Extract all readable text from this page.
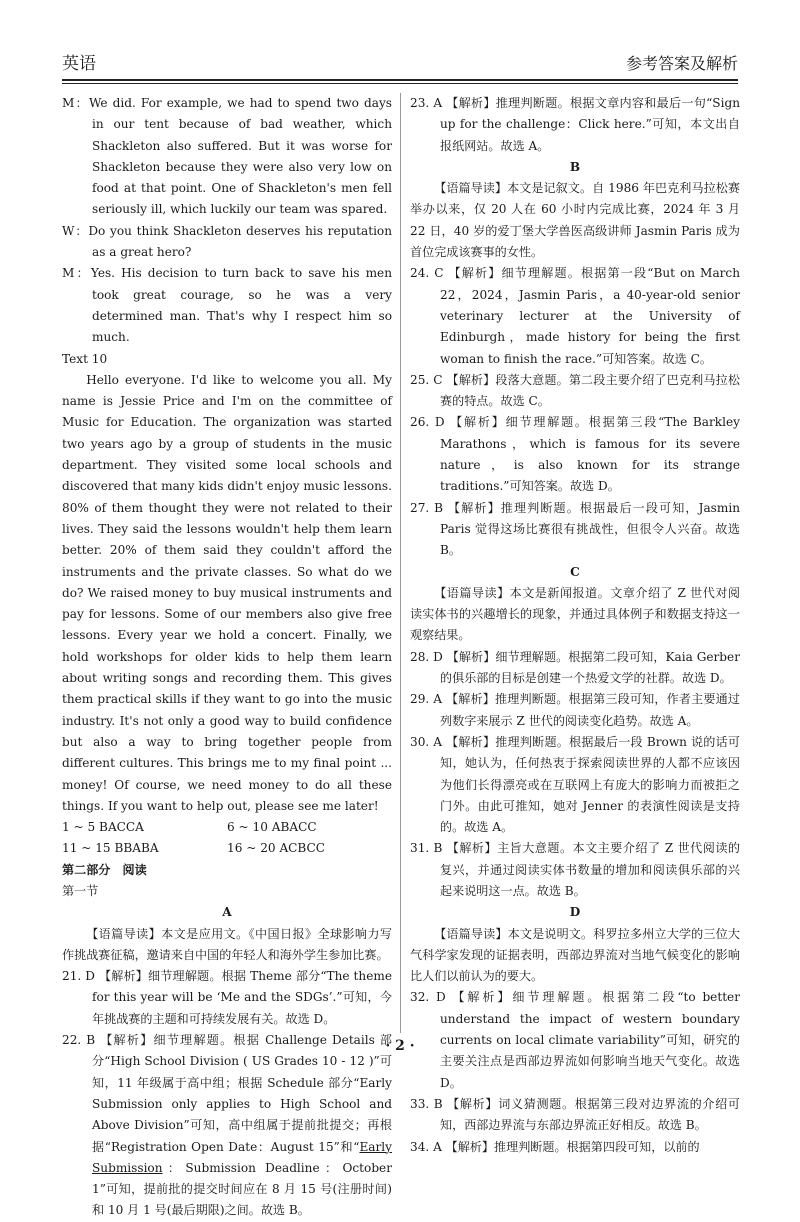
英语	参考答案及解析

M：We did. For example, we had to spend two days in our tent because of bad weather, which Shackleton also suffered. But it was worse for Shackleton because they were also very low on food at that point. One of Shackleton's men fell seriously ill, which luckily our team was spared.

W：Do you think Shackleton deserves his reputation as a great hero?

M：Yes. His decision to turn back to save his men took great courage, so he was a very determined man. That's why I respect him so much.

Text 10

Hello everyone. I'd like to welcome you all. My name is Jessie Price and I'm on the committee of Music for Education. The organization was started two years ago by a group of students in the music department. They visited some local schools and discovered that many kids didn't enjoy music lessons. 80% of them thought they were not related to their lives. They said the lessons wouldn't help them learn better. 20% of them said they couldn't afford the instruments and the private classes. So what do we do? We raised money to buy musical instruments and pay for lessons. Some of our members also give free lessons. Every year we hold a concert. Finally, we hold workshops for older kids to help them learn about writing songs and recording them. This gives them practical skills if they want to go into the music industry. It's not only a good way to build confidence but also a way to bring together people from different cultures. This brings me to my final point ... money! Of course, we need money to do all these things. If you want to help out, please see me later!

1 ~ 5 BACCA	6 ~ 10 ABACC
11 ~ 15 BBABA	16 ~ 20 ACBCC

第二部分　阅读

第一节

A

【语篇导读】本文是应用文。《中国日报》全球影响力写作挑战赛征稿，邀请来自中国的年轻人和海外学生参加比赛。

21. D 【解析】细节理解题。根据 Theme 部分“The theme for this year will be ‘Me and the SDGs’.”可知，今年挑战赛的主题和可持续发展有关。故选 D。

22. B 【解析】细节理解题。根据 Challenge Details 部分“High School Division ( US Grades 10 - 12 )”可知，11 年级属于高中组；根据 Schedule 部分“Early Submission only applies to High School and Above Division”可知，高中组属于提前批提交；再根据“Registration Open Date：August 15”和“Early Submission：Submission Deadline：October 1”可知，提前批的提交时间应在 8 月 15 号(注册时间) 和 10 月 1 号(最后期限)之间。故选 B。

23. A 【解析】推理判断题。根据文章内容和最后一句“Sign up for the challenge：Click here.”可知，本文出自报纸网站。故选 A。

B

【语篇导读】本文是记叙文。自 1986 年巴克利马拉松赛举办以来，仅 20 人在 60 小时内完成比赛，2024 年 3 月 22 日，40 岁的爱丁堡大学兽医高级讲师 Jasmin Paris 成为首位完成该赛事的女性。

24. C 【解析】细节理解题。根据第一段“But on March 22，2024，Jasmin Paris，a 40-year-old senior veterinary lecturer at the University of Edinburgh，made history for being the first woman to finish the race.”可知答案。故选 C。

25. C 【解析】段落大意题。第二段主要介绍了巴克利马拉松赛的特点。故选 C。

26. D 【解析】细节理解题。根据第三段“The Barkley Marathons，which is famous for its severe nature，is also known for its strange traditions.”可知答案。故选 D。

27. B 【解析】推理判断题。根据最后一段可知，Jasmin Paris 觉得这场比赛很有挑战性，但很令人兴奋。故选 B。

C

【语篇导读】本文是新闻报道。文章介绍了 Z 世代对阅读实体书的兴趣增长的现象，并通过具体例子和数据支持这一观察结果。

28. D 【解析】细节理解题。根据第二段可知，Kaia Gerber 的俱乐部的目标是创建一个热爱文学的社群。故选 D。

29. A 【解析】推理判断题。根据第三段可知，作者主要通过列数字来展示 Z 世代的阅读变化趋势。故选 A。

30. A 【解析】推理判断题。根据最后一段 Brown 说的话可知，她认为，任何热衷于探索阅读世界的人都不应该因为他们长得漂亮或在互联网上有庞大的影响力而被拒之门外。由此可推知，她对 Jenner 的表演性阅读是支持的。故选 A。

31. B 【解析】主旨大意题。本文主要介绍了 Z 世代阅读的复兴，并通过阅读实体书数量的增加和阅读俱乐部的兴起来说明这一点。故选 B。

D

【语篇导读】本文是说明文。科罗拉多州立大学的三位大气科学家发现的证据表明，西部边界流对当地气候变化的影响比人们以前认为的要大。

32. D 【解析】细节理解题。根据第二段“to better understand the impact of western boundary currents on local climate variability”可知，研究的主要关注点是西部边界流如何影响当地天气变化。故选 D。

33. B 【解析】词义猜测题。根据第三段对边界流的介绍可知，西部边界流与东部边界流正好相反。故选 B。

34. A 【解析】推理判断题。根据第四段可知，以前的

· 2 ·
